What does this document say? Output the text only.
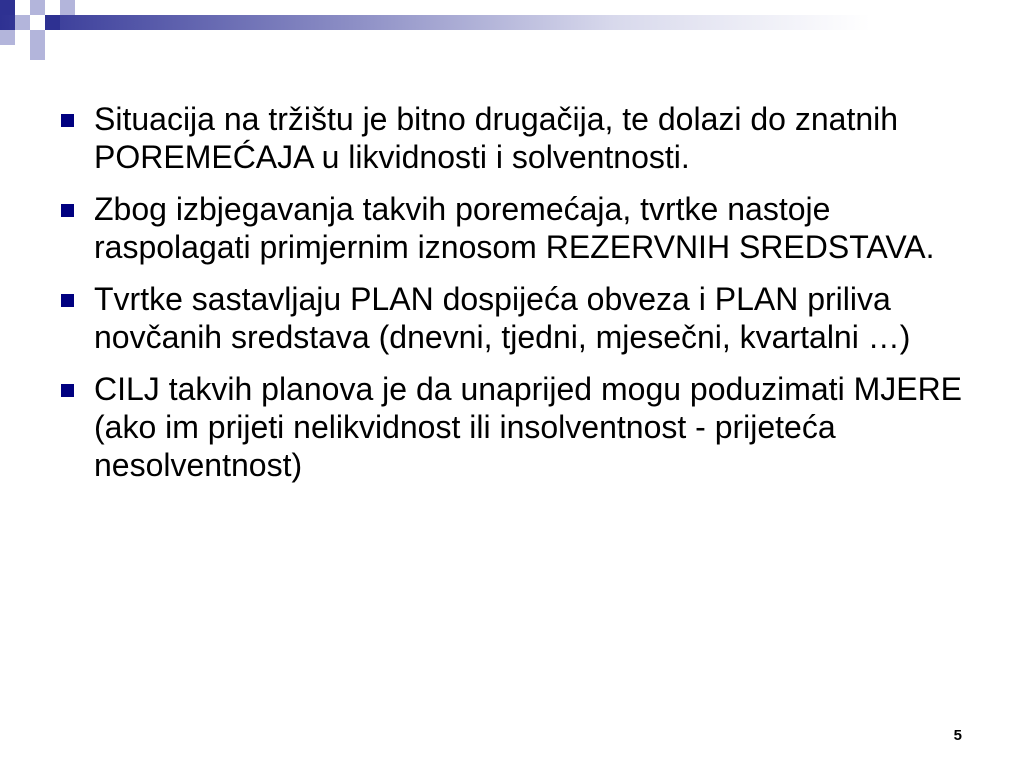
Situacija na tržištu je bitno drugačija, te dolazi do znatnih POREMEĆAJA u likvidnosti i solventnosti.
Zbog izbjegavanja takvih poremećaja, tvrtke nastoje raspolagati primjernim iznosom REZERVNIH SREDSTAVA.
Tvrtke sastavljaju PLAN dospijeća obveza i PLAN priliva novčanih sredstava (dnevni, tjedni, mjesečni, kvartalni …)
CILJ takvih planova je da unaprijed mogu poduzimati MJERE (ako im prijeti nelikvidnost ili insolventnost - prijeteća nesolventnost)
5
